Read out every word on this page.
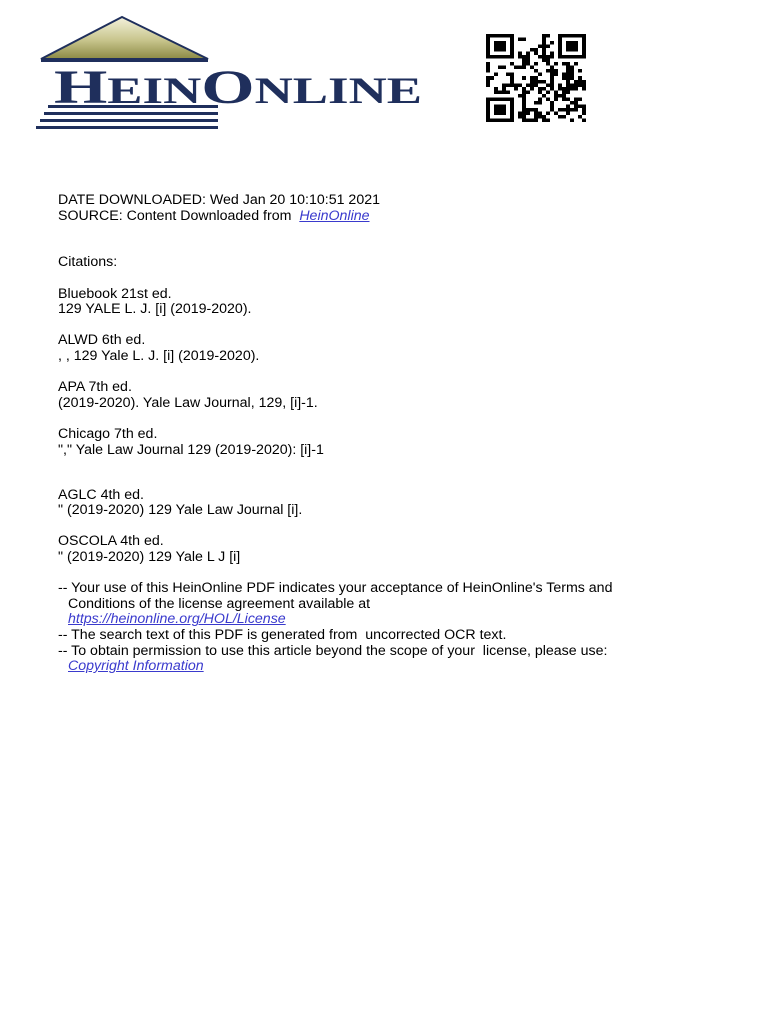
H EIN O NLINE
DATE DOWNLOADED: Wed Jan 20 10:10:51 2021
SOURCE: Content Downloaded from  HeinOnline
Citations:
Bluebook 21st ed.
129 YALE L. J. [i] (2019-2020).
ALWD 6th ed.
, , 129 Yale L. J. [i] (2019-2020).
APA 7th ed.
(2019-2020). Yale Law Journal, 129, [i]-1.
Chicago 7th ed.
"," Yale Law Journal 129 (2019-2020): [i]-1
AGLC 4th ed.
" (2019-2020) 129 Yale Law Journal [i].
OSCOLA 4th ed.
" (2019-2020) 129 Yale L J [i]
-- Your use of this HeinOnline PDF indicates your acceptance of HeinOnline's Terms and
Conditions of the license agreement available at
https://heinonline.org/HOL/License
-- The search text of this PDF is generated from  uncorrected OCR text.
-- To obtain permission to use this article beyond the scope of your  license, please use:
Copyright Information
